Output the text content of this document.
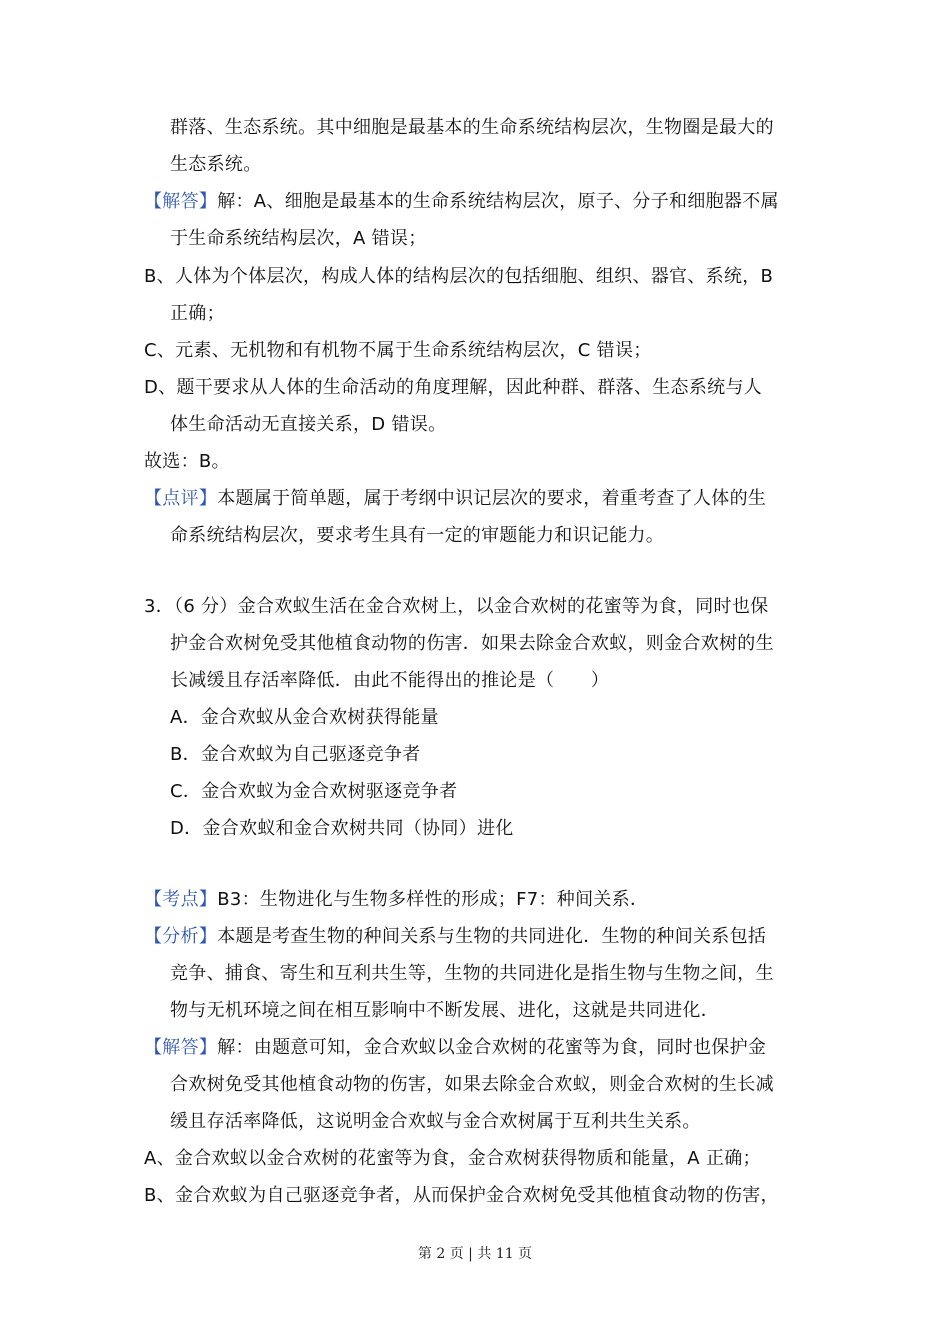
群落、生态系统。其中细胞是最基本的生命系统结构层次，生物圈是最大的
生态系统。
【解答】解：A、细胞是最基本的生命系统结构层次，原子、分子和细胞器不属
于生命系统结构层次，A 错误；
B、人体为个体层次，构成人体的结构层次的包括细胞、组织、器官、系统，B
正确；
C、元素、无机物和有机物不属于生命系统结构层次，C 错误；
D、题干要求从人体的生命活动的角度理解，因此种群、群落、生态系统与人
体生命活动无直接关系，D 错误。
故选：B。
【点评】本题属于简单题，属于考纲中识记层次的要求，着重考查了人体的生
命系统结构层次，要求考生具有一定的审题能力和识记能力。
3．（6 分）金合欢蚁生活在金合欢树上，以金合欢树的花蜜等为食，同时也保
护金合欢树免受其他植食动物的伤害．如果去除金合欢蚁，则金合欢树的生
长减缓且存活率降低．由此不能得出的推论是（　　）
A．金合欢蚁从金合欢树获得能量
B．金合欢蚁为自己驱逐竞争者
C．金合欢蚁为金合欢树驱逐竞争者
D．金合欢蚁和金合欢树共同（协同）进化
【考点】B3：生物进化与生物多样性的形成；F7：种间关系．
【分析】本题是考查生物的种间关系与生物的共同进化．生物的种间关系包括
竞争、捕食、寄生和互利共生等，生物的共同进化是指生物与生物之间，生
物与无机环境之间在相互影响中不断发展、进化，这就是共同进化．
【解答】解：由题意可知，金合欢蚁以金合欢树的花蜜等为食，同时也保护金
合欢树免受其他植食动物的伤害，如果去除金合欢蚁，则金合欢树的生长减
缓且存活率降低，这说明金合欢蚁与金合欢树属于互利共生关系。
A、金合欢蚁以金合欢树的花蜜等为食，金合欢树获得物质和能量，A 正确；
B、金合欢蚁为自己驱逐竞争者，从而保护金合欢树免受其他植食动物的伤害，
第 2 页 | 共 11 页
